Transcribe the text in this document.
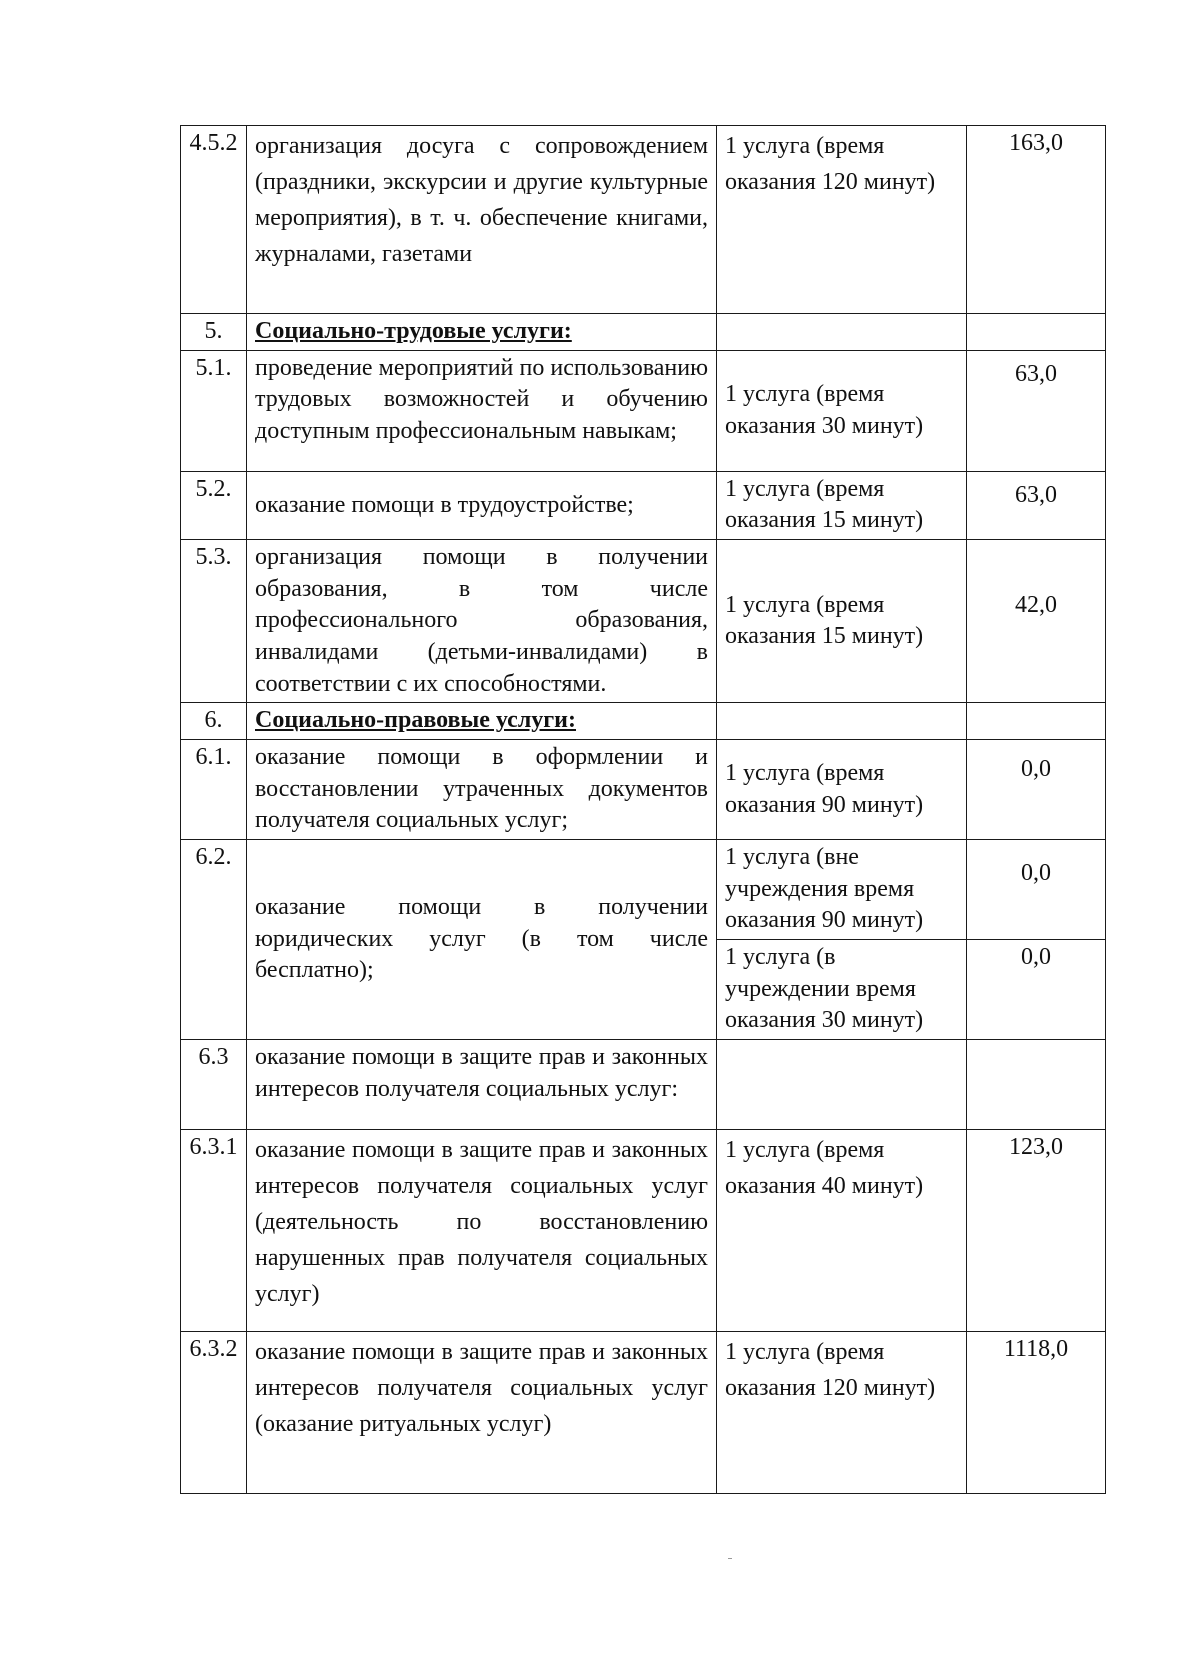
4.5.2	организация досуга с сопровождением (праздники, экскурсии и другие культурные мероприятия), в т. ч. обеспечение книгами, журналами, газетами	1 услуга (время оказания 120 минут)	163,0
5.	Социально-трудовые услуги:		
5.1.	проведение мероприятий по использованию трудовых возможностей и обучению доступным профессиональным навыкам;	1 услуга (время оказания 30 минут)	63,0
5.2.	оказание помощи в трудоустройстве;	1 услуга (время оказания 15 минут)	63,0
5.3.	организация помощи в получении образования, в том числе профессионального образования, инвалидами (детьми-инвалидами) в соответствии с их способностями.	1 услуга (время оказания 15 минут)	42,0
6.	Социально-правовые услуги:		
6.1.	оказание помощи в оформлении и восстановлении утраченных документов получателя социальных услуг;	1 услуга (время оказания 90 минут)	0,0
6.2.	оказание помощи в получении юридических услуг (в том числе бесплатно);	1 услуга (вне учреждения время оказания 90 минут)	0,0
		1 услуга (в учреждении время оказания 30 минут)	0,0
6.3	оказание помощи в защите прав и законных интересов получателя социальных услуг:		
6.3.1	оказание помощи в защите прав и законных интересов получателя социальных услуг (деятельность по восстановлению нарушенных прав получателя социальных услуг)	1 услуга (время оказания 40 минут)	123,0
6.3.2	оказание помощи в защите прав и законных интересов получателя социальных услуг (оказание ритуальных услуг)	1 услуга (время оказания 120 минут)	1118,0
